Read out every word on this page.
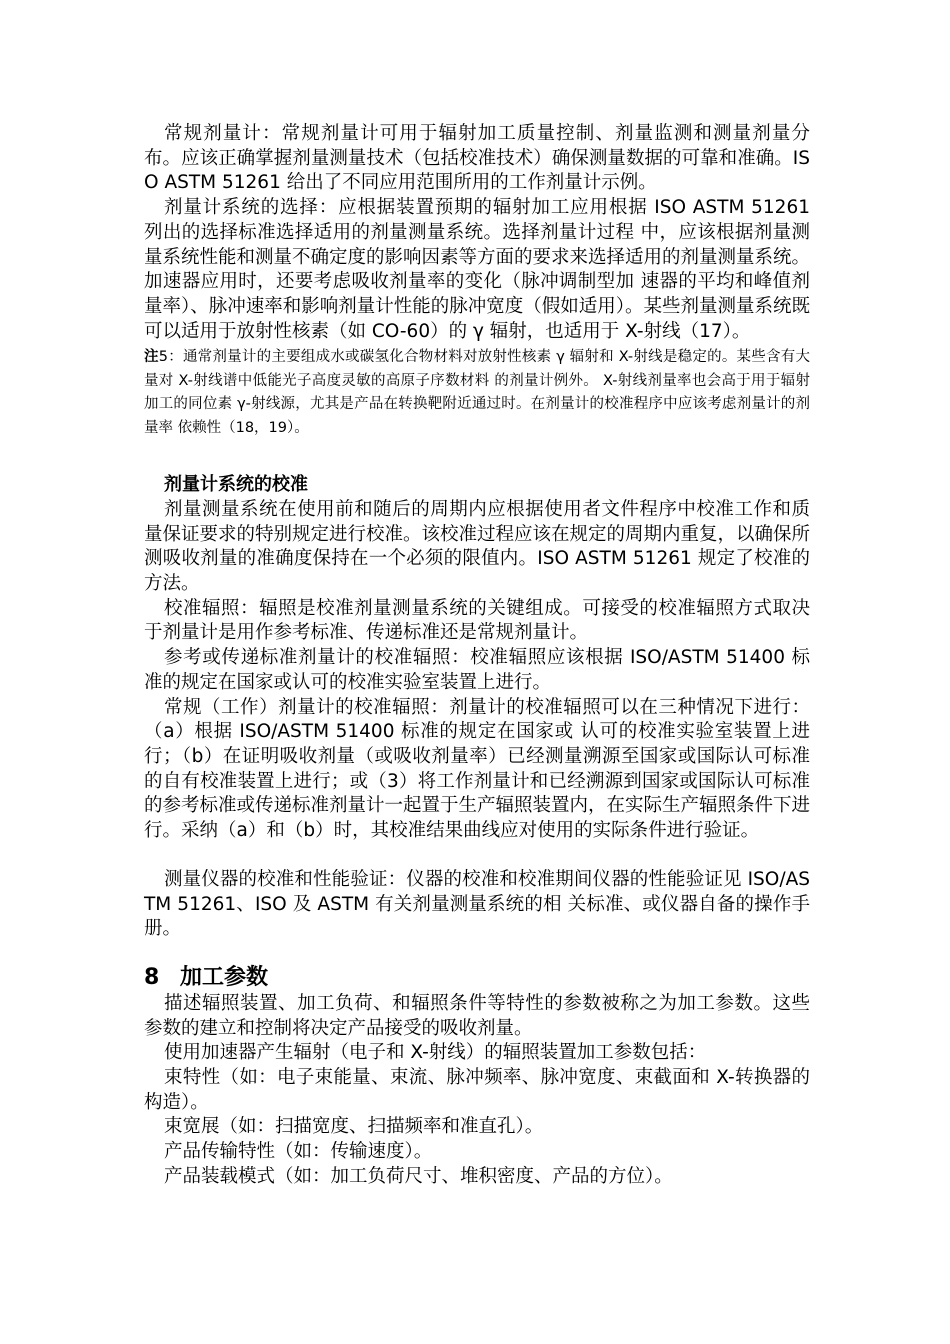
常规剂量计：常规剂量计可用于辐射加工质量控制、剂量监测和测量剂量分布。应该正确掌握剂量测量技术（包括校准技术）确保测量数据的可靠和准确。ISO ASTM 51261 给出了不同应用范围所用的工作剂量计示例。

剂量计系统的选择：应根据装置预期的辐射加工应用根据 ISO ASTM 51261 列出的选择标准选择适用的剂量测量系统。选择剂量计过程 中，应该根据剂量测量系统性能和测量不确定度的影响因素等方面的要求来选择适用的剂量测量系统。加速器应用时，还要考虑吸收剂量率的变化（脉冲调制型加 速器的平均和峰值剂量率）、脉冲速率和影响剂量计性能的脉冲宽度（假如适用）。某些剂量测量系统既可以适用于放射性核素（如 CO-60）的 γ 辐射，也适用于 X-射线（17）。

注5：通常剂量计的主要组成水或碳氢化合物材料对放射性核素 γ 辐射和 X-射线是稳定的。某些含有大量对 X-射线谱中低能光子高度灵敏的高原子序数材料 的剂量计例外。 X-射线剂量率也会高于用于辐射加工的同位素 γ-射线源，尤其是产品在转换靶附近通过时。在剂量计的校准程序中应该考虑剂量计的剂量率 依赖性（18，19）。

剂量计系统的校准

剂量测量系统在使用前和随后的周期内应根据使用者文件程序中校准工作和质量保证要求的特别规定进行校准。该校准过程应该在规定的周期内重复，以确保所测吸收剂量的准确度保持在一个必须的限值内。ISO ASTM 51261 规定了校准的方法。

校准辐照：辐照是校准剂量测量系统的关键组成。可接受的校准辐照方式取决于剂量计是用作参考标准、传递标准还是常规剂量计。

参考或传递标准剂量计的校准辐照：校准辐照应该根据 ISO/ASTM 51400 标准的规定在国家或认可的校准实验室装置上进行。

常规（工作）剂量计的校准辐照：剂量计的校准辐照可以在三种情况下进行：（a）根据 ISO/ASTM 51400 标准的规定在国家或 认可的校准实验室装置上进行；（b）在证明吸收剂量（或吸收剂量率）已经测量溯源至国家或国际认可标准的自有校准装置上进行；或（3）将工作剂量计和已经溯源到国家或国际认可标准的参考标准或传递标准剂量计一起置于生产辐照装置内，在实际生产辐照条件下进行。采纳（a）和（b）时，其校准结果曲线应对使用的实际条件进行验证。

测量仪器的校准和性能验证：仪器的校准和校准期间仪器的性能验证见 ISO/ASTM 51261、ISO 及 ASTM 有关剂量测量系统的相 关标准、或仪器自备的操作手册。

8 加工参数

描述辐照装置、加工负荷、和辐照条件等特性的参数被称之为加工参数。这些参数的建立和控制将决定产品接受的吸收剂量。

使用加速器产生辐射（电子和 X-射线）的辐照装置加工参数包括：

束特性（如：电子束能量、束流、脉冲频率、脉冲宽度、束截面和 X-转换器的构造）。

束宽展（如：扫描宽度、扫描频率和准直孔）。

产品传输特性（如：传输速度）。

产品装载模式（如：加工负荷尺寸、堆积密度、产品的方位）。
